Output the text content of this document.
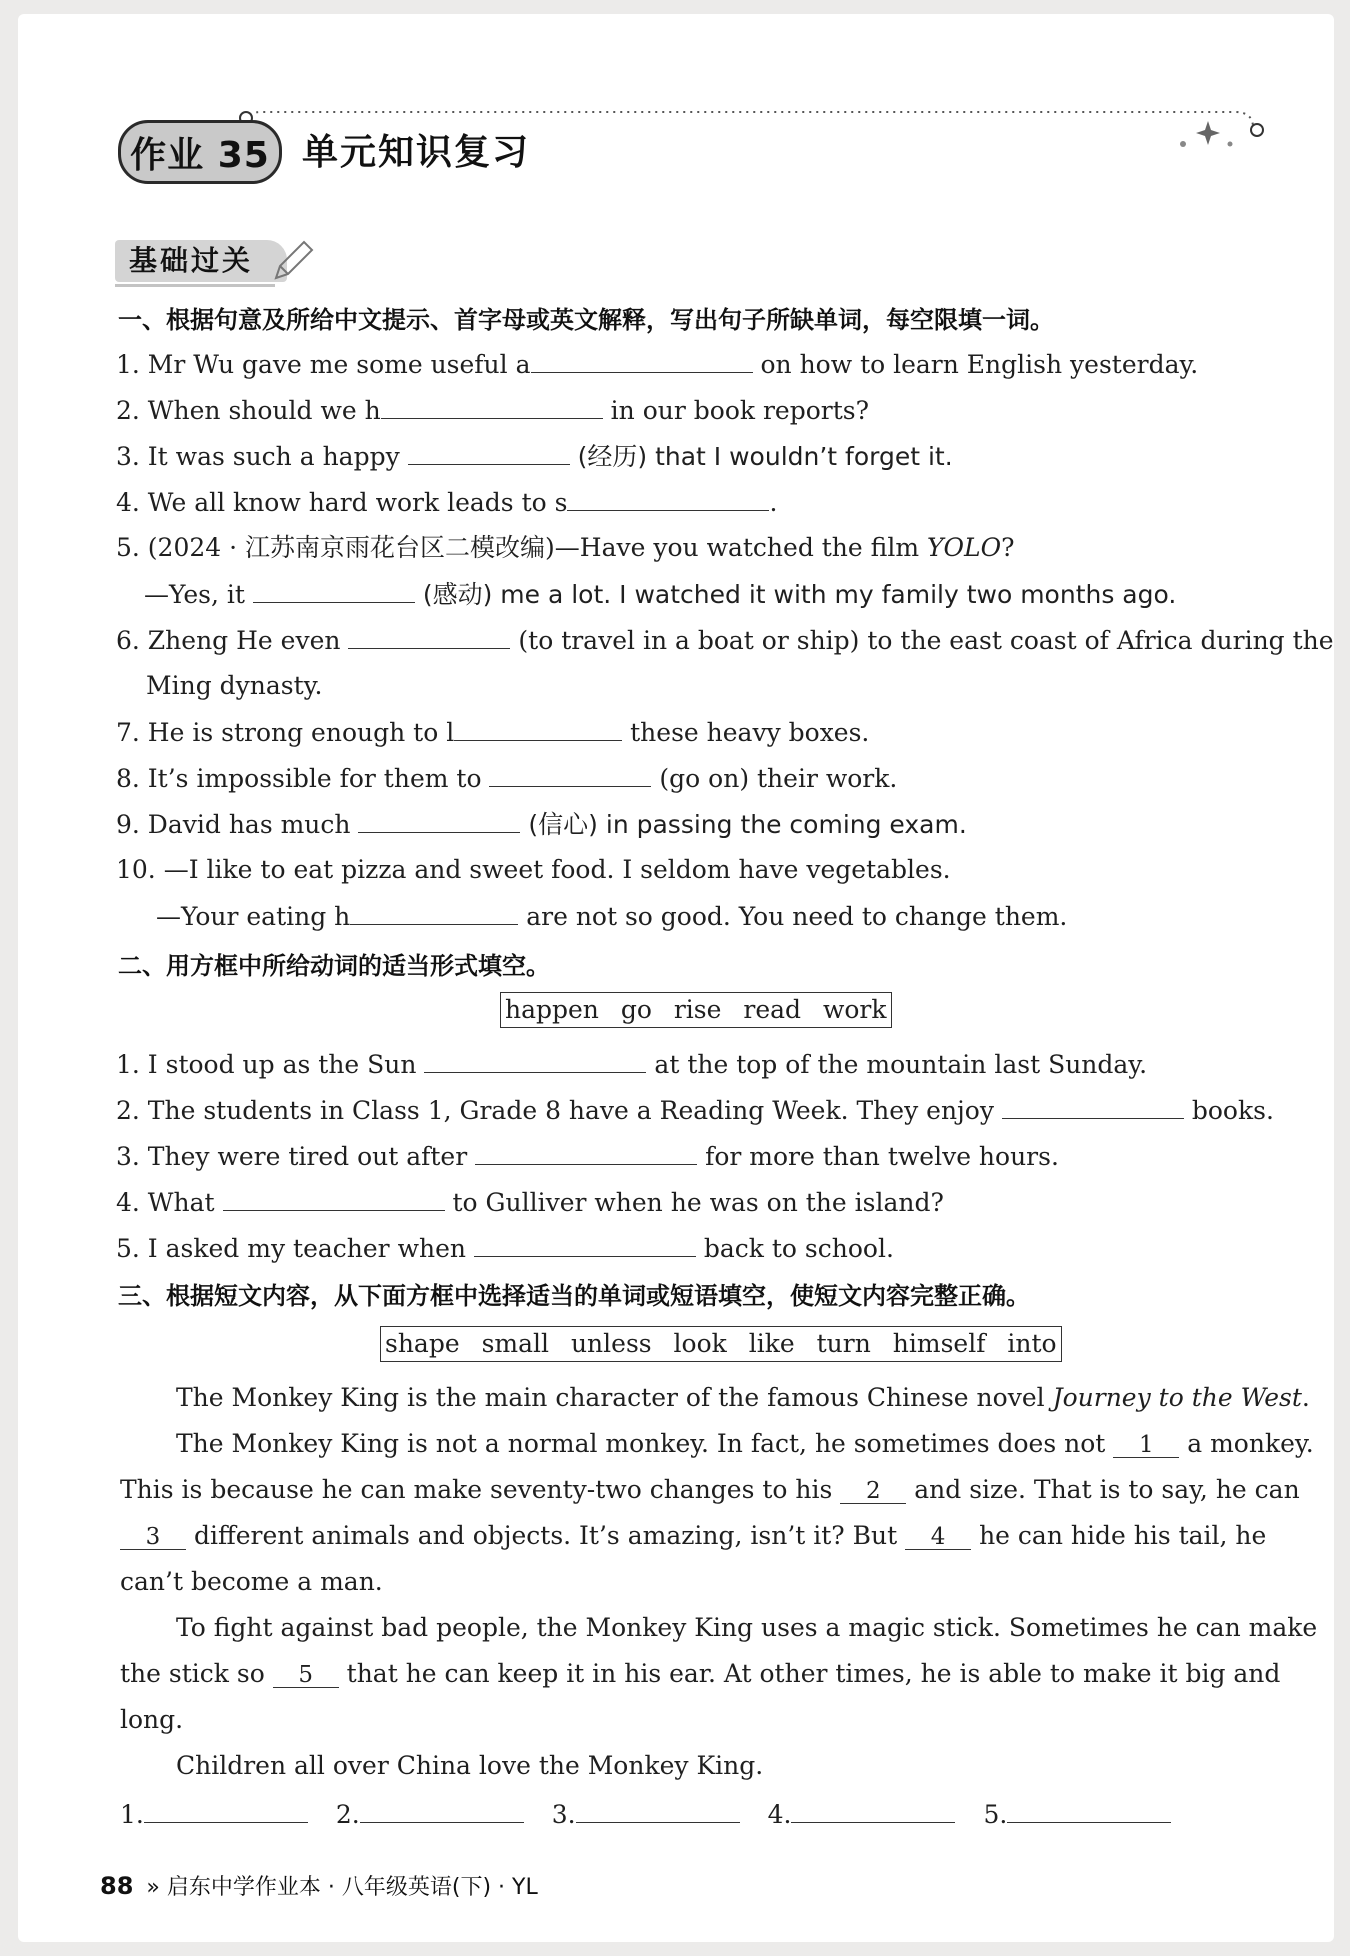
作业 35 单元知识复习
基础过关
一、根据句意及所给中文提示、首字母或英文解释，写出句子所缺单词，每空限填一词。
1. Mr Wu gave me some useful a	on how to learn English yesterday.
2. When should we h	in our book reports?
3. It was such a happy	(经历) that I wouldn’t forget it.
4. We all know hard work leads to s	.
5. (2024 · 江苏南京雨花台区二模改编)—Have you watched the film YOLO?
—Yes, it	(感动) me a lot. I watched it with my family two months ago.
6. Zheng He even	(to travel in a boat or ship) to the east coast of Africa during the
Ming dynasty.
7. He is strong enough to l	these heavy boxes.
8. It’s impossible for them to	(go on) their work.
9. David has much	(信心) in passing the coming exam.
10. —I like to eat pizza and sweet food. I seldom have vegetables.
—Your eating h	are not so good. You need to change them.
二、用方框中所给动词的适当形式填空。
happen go rise read work
1. I stood up as the Sun	at the top of the mountain last Sunday.
2. The students in Class 1, Grade 8 have a Reading Week. They enjoy	books.
3. They were tired out after	for more than twelve hours.
4. What	to Gulliver when he was on the island?
5. I asked my teacher when	back to school.
三、根据短文内容，从下面方框中选择适当的单词或短语填空，使短文内容完整正确。
shape small unless look like turn himself into
The Monkey King is the main character of the famous Chinese novel Journey to the West.
The Monkey King is not a normal monkey. In fact, he sometimes does not 1 a monkey.
This is because he can make seventy-two changes to his 2 and size. That is to say, he can
3 different animals and objects. It’s amazing, isn’t it? But 4 he can hide his tail, he
can’t become a man.
To fight against bad people, the Monkey King uses a magic stick. Sometimes he can make
the stick so 5 that he can keep it in his ear. At other times, he is able to make it big and
long.
Children all over China love the Monkey King.
1.	2.	3.	4.	5.
88 » 启东中学作业本 · 八年级英语(下) · YL
